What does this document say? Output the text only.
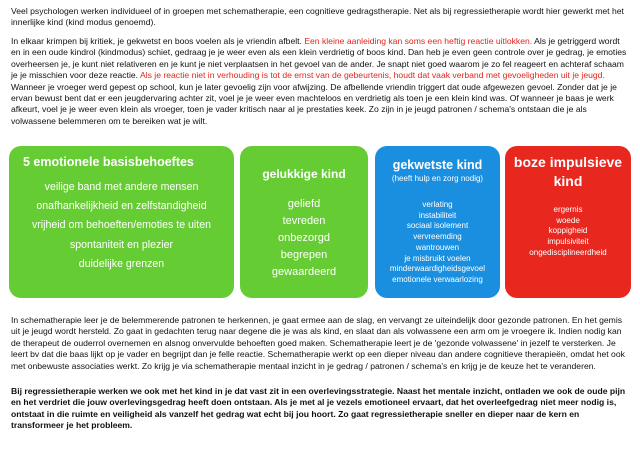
Veel psychologen werken individueel of in groepen met schematherapie, een cognitieve gedragstherapie. Net als bij regressietherapie wordt hier gewerkt met het innerlijke kind (kind modus genoemd).
In elkaar krimpen bij kritiek, je gekwetst en boos voelen als je vriendin afbelt. Een kleine aanleiding kan soms een heftig reactie uitlokken. Als je getriggerd wordt en in een oude kindrol (kindmodus) schiet, gedraag je je weer even als een klein verdrietig of boos kind. Dan heb je even geen controle over je gedrag, je emoties overheersen je, je kunt niet relativeren en je kunt je niet verplaatsen in het gevoel van de ander. Je snapt niet goed waarom je zo fel reageert en achteraf schaam je je misschien voor deze reactie. Als je reactie niet in verhouding is tot de ernst van de gebeurtenis, houdt dat vaak verband met gevoeligheden uit je jeugd. Wanneer je vroeger werd gepest op school, kun je later gevoelig zijn voor afwijzing. De afbellende vriendin triggert dat oude afgewezen gevoel. Zonder dat je je ervan bewust bent dat er een jeugdervaring achter zit, voel je je weer even machteloos en verdrietig als toen je een klein kind was. Of wanneer je baas je werk afkeurt, voel je je weer even klein als vroeger, toen je vader kritisch naar al je prestaties keek. Zo zijn in je jeugd patronen / schema's ontstaan die je als volwassene belemmeren om te bereiken wat je wilt.
5 emotionele basisbehoeftes
veilige band met andere mensen
onafhankelijkheid en zelfstandigheid
vrijheid om behoeften/emoties te uiten
spontaniteit en plezier
duidelijke grenzen
gelukkige kind
geliefd
tevreden
onbezorgd
begrepen
gewaardeerd
gekwetste kind
(heeft hulp en zorg nodig)
verlating
instabiliteit
sociaal isolement
vervreemding
wantrouwen
je misbruikt voelen
minderwaardigheidsgevoel
emotionele verwaarlozing
boze impulsieve kind
ergernis
woede
koppigheid
impulsiviteit
ongedisciplineerdheid
In schematherapie leer je de belemmerende patronen te herkennen, je gaat ermee aan de slag, en vervangt ze uiteindelijk door gezonde patronen. En het gemis uit je jeugd wordt hersteld. Zo gaat in gedachten terug naar degene die je was als kind, en slaat dan als volwassene een arm om je vroegere ik. Indien nodig kan de therapeut de ouderrol overnemen en alsnog onvervulde behoeften goed maken. Schematherapie leert je de 'gezonde volwassene' in jezelf te versterken. Je leert bv dat die baas lijkt op je vader en begrijpt dan je felle reactie. Schematherapie werkt op een dieper niveau dan andere cognitieve therapieën, omdat het ook met onbewuste associaties werkt. Zo krijg je via schematherapie mentaal inzicht in je gedrag / patronen / schema's en krijg je de keuze het te veranderen.
Bij regressietherapie werken we ook met het kind in je dat vast zit in een overlevingsstrategie. Naast het mentale inzicht, ontladen we ook de oude pijn en het verdriet die jouw overlevingsgedrag heeft doen ontstaan. Als je met al je vezels emotioneel ervaart, dat het overleefgedrag niet meer nodig is, ontstaat in die ruimte en veiligheid als vanzelf het gedrag wat echt bij jou hoort. Zo gaat regressietherapie sneller en dieper naar de kern en transformeer je het probleem.
